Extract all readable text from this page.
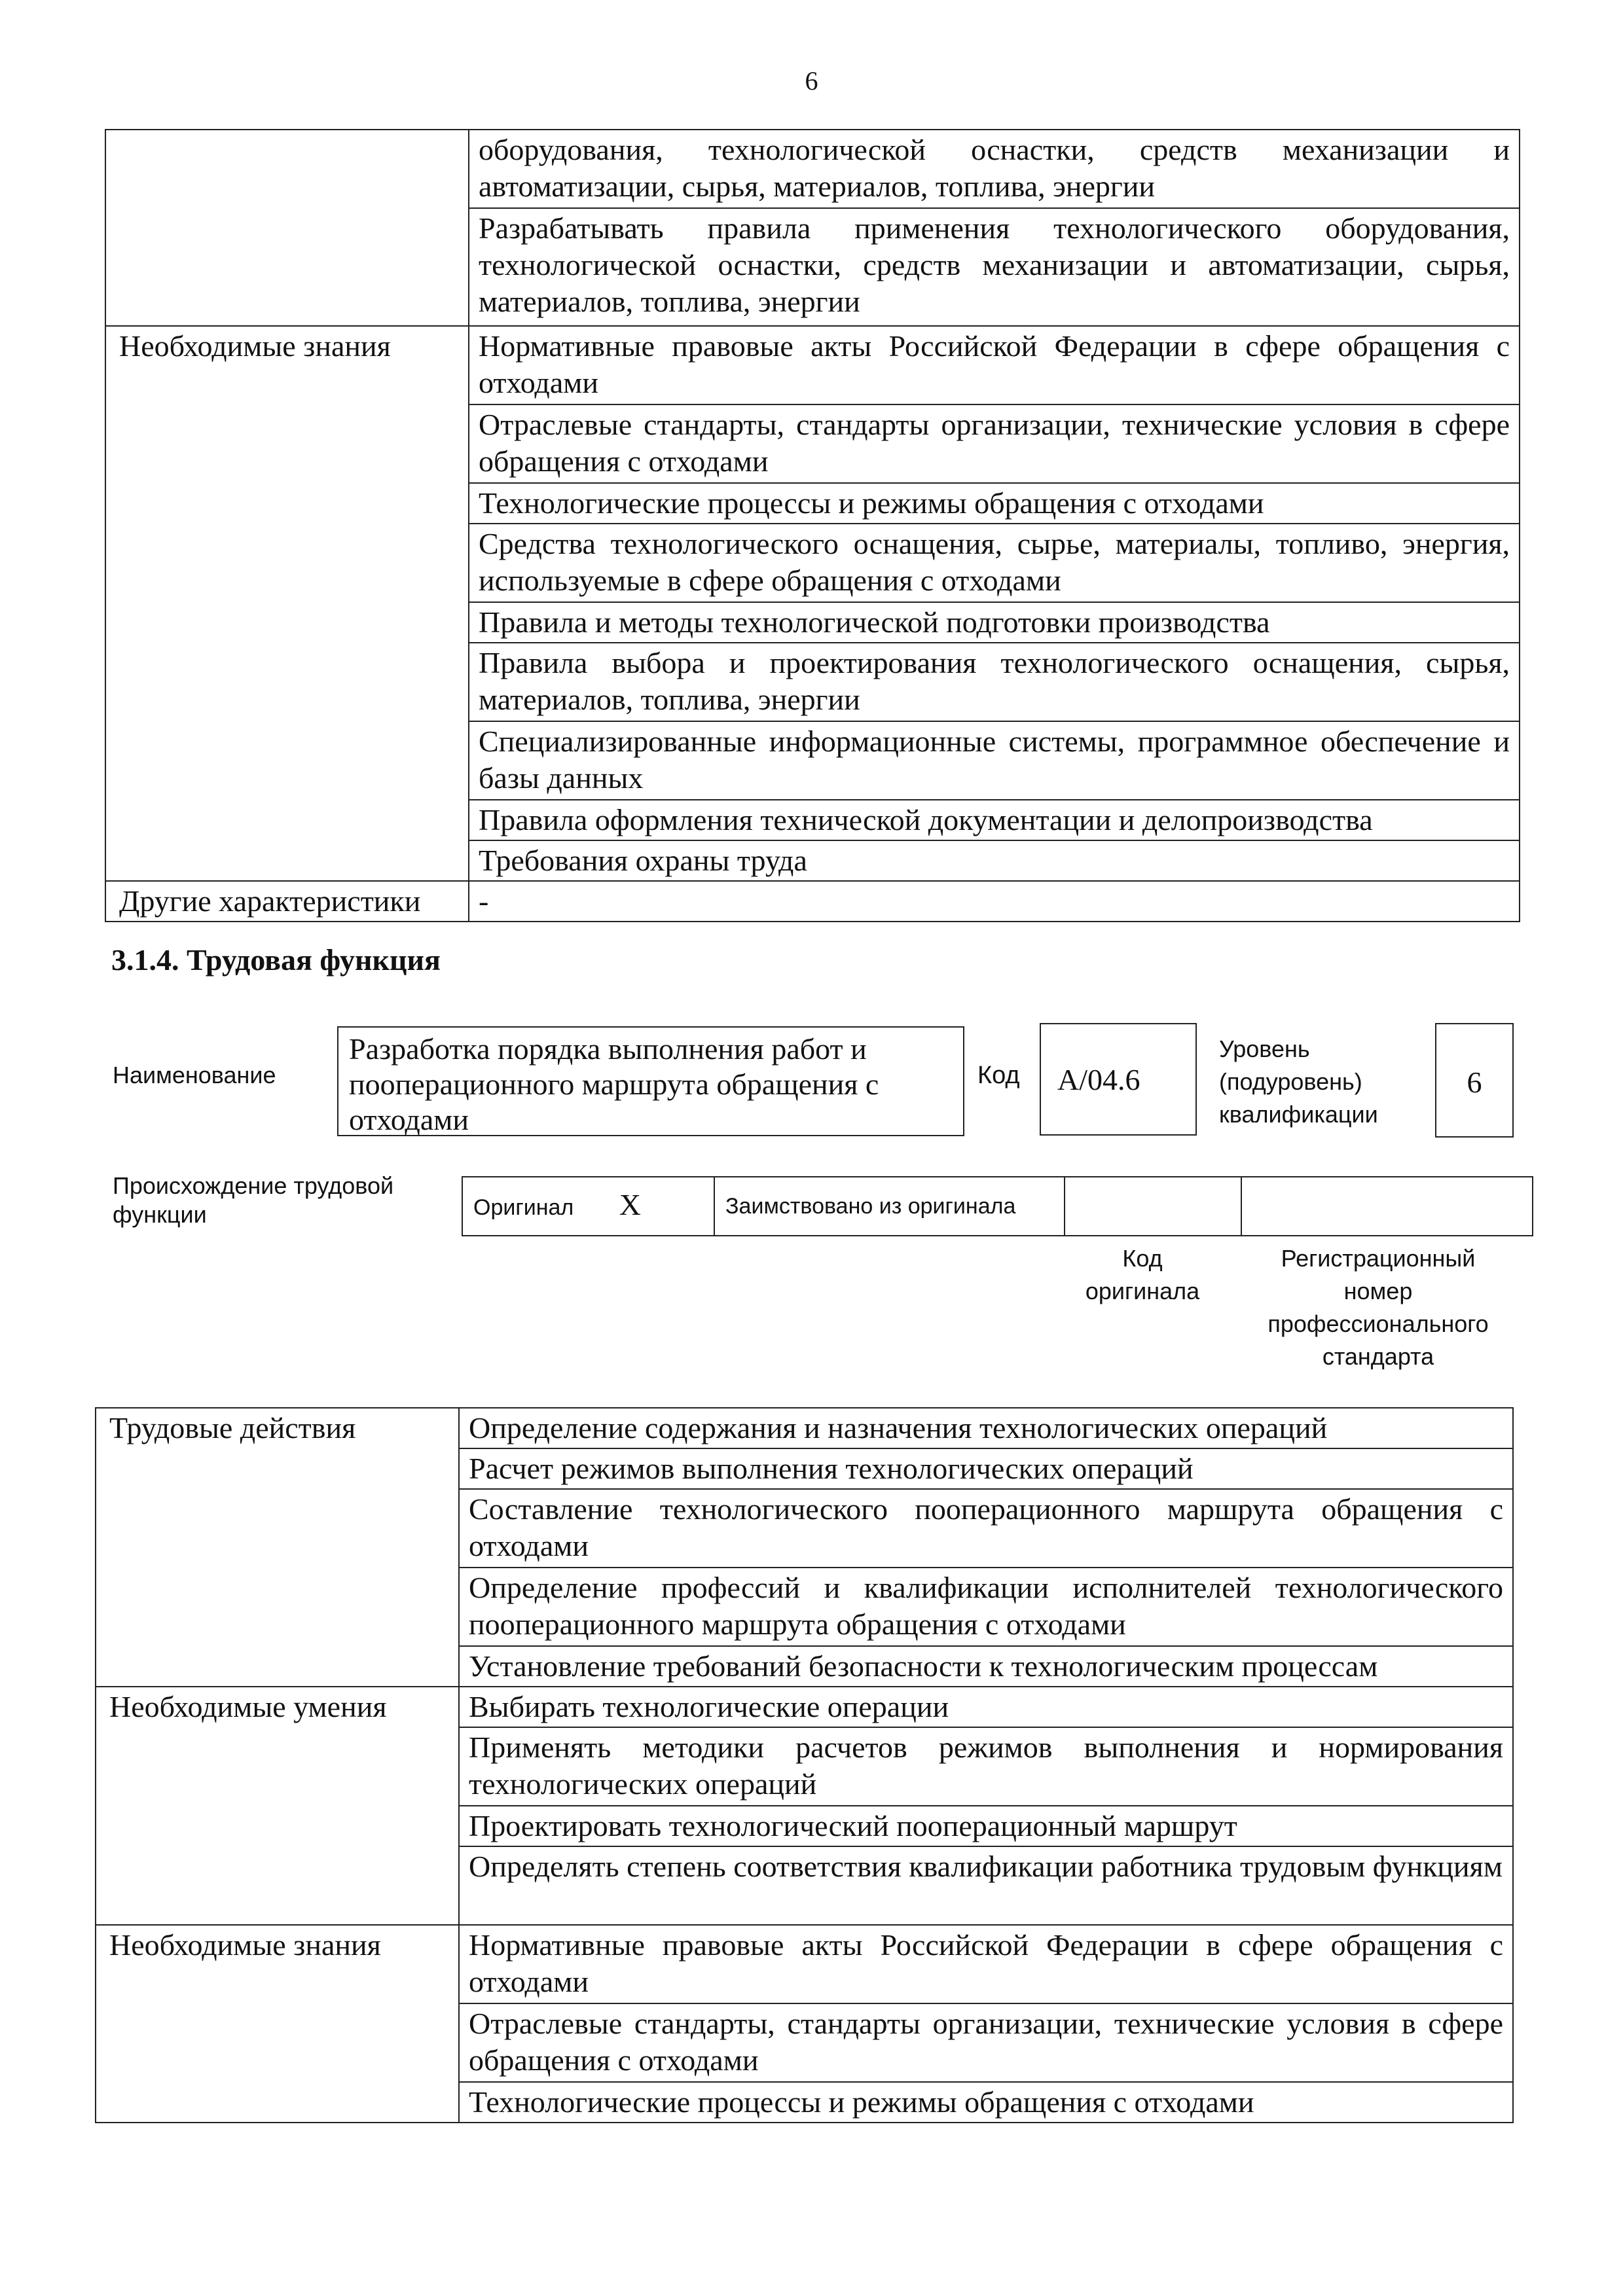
6
	оборудования, технологической оснастки, средств механизации и автоматизации, сырья, материалов, топлива, энергии
	Разрабатывать правила применения технологического оборудования, технологической оснастки, средств механизации и автоматизации, сырья, материалов, топлива, энергии
Необходимые знания	Нормативные правовые акты Российской Федерации в сфере обращения с отходами
	Отраслевые стандарты, стандарты организации, технические условия в сфере обращения с отходами
	Технологические процессы и режимы обращения с отходами
	Средства технологического оснащения, сырье, материалы, топливо, энергия, используемые в сфере обращения с отходами
	Правила и методы технологической подготовки производства
	Правила выбора и проектирования технологического оснащения, сырья, материалов, топлива, энергии
	Специализированные информационные системы, программное обеспечение и базы данных
	Правила оформления технической документации и делопроизводства
	Требования охраны труда
Другие характеристики	-
3.1.4. Трудовая функция
Наименование
Разработка порядка выполнения работ и пооперационного маршрута обращения с отходами
Код	А/04.6
Уровень (подуровень) квалификации
6
Происхождение трудовой функции	Оригинал X	Заимствовано из оригинала		
Код оригинала
Регистрационный номер профессионального стандарта
Трудовые действия	Определение содержания и назначения технологических операций
	Расчет режимов выполнения технологических операций
	Составление технологического пооперационного маршрута обращения с отходами
	Определение профессий и квалификации исполнителей технологического пооперационного маршрута обращения с отходами
	Установление требований безопасности к технологическим процессам
Необходимые умения	Выбирать технологические операции
	Применять методики расчетов режимов выполнения и нормирования технологических операций
	Проектировать технологический пооперационный маршрут
	Определять степень соответствия квалификации работника трудовым функциям
Необходимые знания	Нормативные правовые акты Российской Федерации в сфере обращения с отходами
	Отраслевые стандарты, стандарты организации, технические условия в сфере обращения с отходами
	Технологические процессы и режимы обращения с отходами
